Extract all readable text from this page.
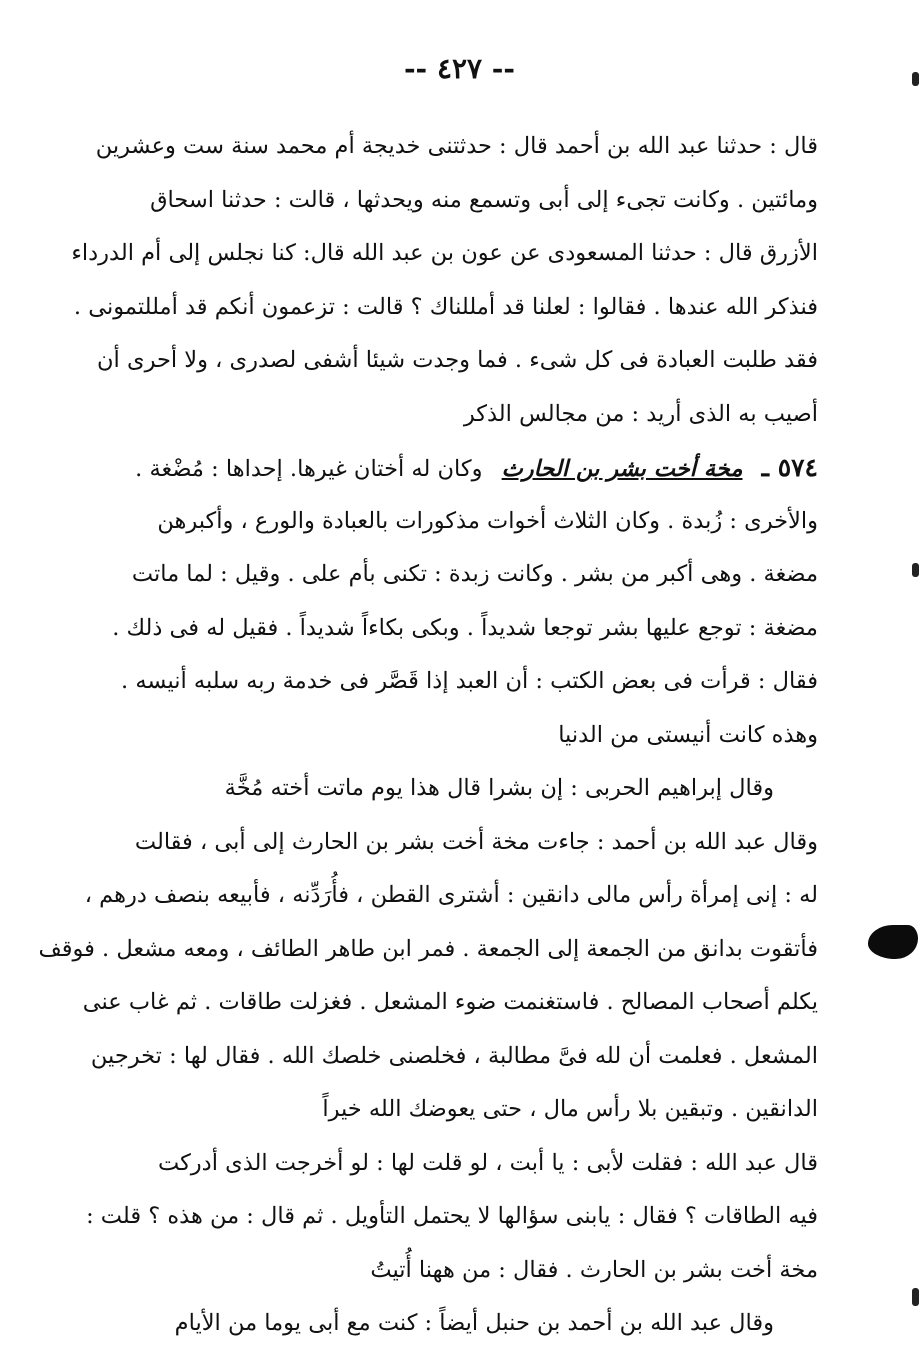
-- ٤٢٧ --
قال : حدثنا عبد الله بن أحمد قال : حدثتنى خديجة أم محمد سنة ست وعشرين
ومائتين . وكانت تجىء إلى أبى وتسمع منه ويحدثها ، قالت : حدثنا اسحاق
الأزرق قال : حدثنا المسعودى عن عون بن عبد الله قال: كنا نجلس إلى أم الدرداء
فنذكر الله عندها . فقالوا : لعلنا قد أمللناك ؟ قالت : تزعمون أنكم قد أمللتمونى .
فقد طلبت العبادة فى كل شىء . فما وجدت شيئا أشفى لصدرى ، ولا أحرى أن
أصيب به الذى أريد : من مجالس الذكر
٥٧٤ ـ مخة أخت بشر بن الحارث وكان له أختان غيرها. إحداها : مُضْغة .
والأخرى : زُبدة . وكان الثلاث أخوات مذكورات بالعبادة والورع ، وأكبرهن
مضغة . وهى أكبر من بشر . وكانت زبدة : تكنى بأم على . وقيل : لما ماتت
مضغة : توجع عليها بشر توجعا شديداً . وبكى بكاءاً شديداً . فقيل له فى ذلك .
فقال : قرأت فى بعض الكتب : أن العبد إذا قَصَّر فى خدمة ربه سلبه أنيسه .
وهذه كانت أنيستى من الدنيا
وقال إبراهيم الحربى : إن بشرا قال هذا يوم ماتت أخته مُخَّة
وقال عبد الله بن أحمد : جاءت مخة أخت بشر بن الحارث إلى أبى ، فقالت
له : إنى إمرأة رأس مالى دانقين : أشترى القطن ، فأُرَدِّنه ، فأبيعه بنصف درهم ،
فأتقوت بدانق من الجمعة إلى الجمعة . فمر ابن طاهر الطائف ، ومعه مشعل . فوقف
يكلم أصحاب المصالح . فاستغنمت ضوء المشعل . فغزلت طاقات . ثم غاب عنى
المشعل . فعلمت أن لله فىَّ مطالبة ، فخلصنى خلصك الله . فقال لها : تخرجين
الدانقين . وتبقين بلا رأس مال ، حتى يعوضك الله خيراً
قال عبد الله : فقلت لأبى : يا أبت ، لو قلت لها : لو أخرجت الذى أدركت
فيه الطاقات ؟ فقال : يابنى سؤالها لا يحتمل التأويل . ثم قال : من هذه ؟ قلت :
مخة أخت بشر بن الحارث . فقال : من ههنا أُتيتُ
وقال عبد الله بن أحمد بن حنبل أيضاً : كنت مع أبى يوما من الأيام
